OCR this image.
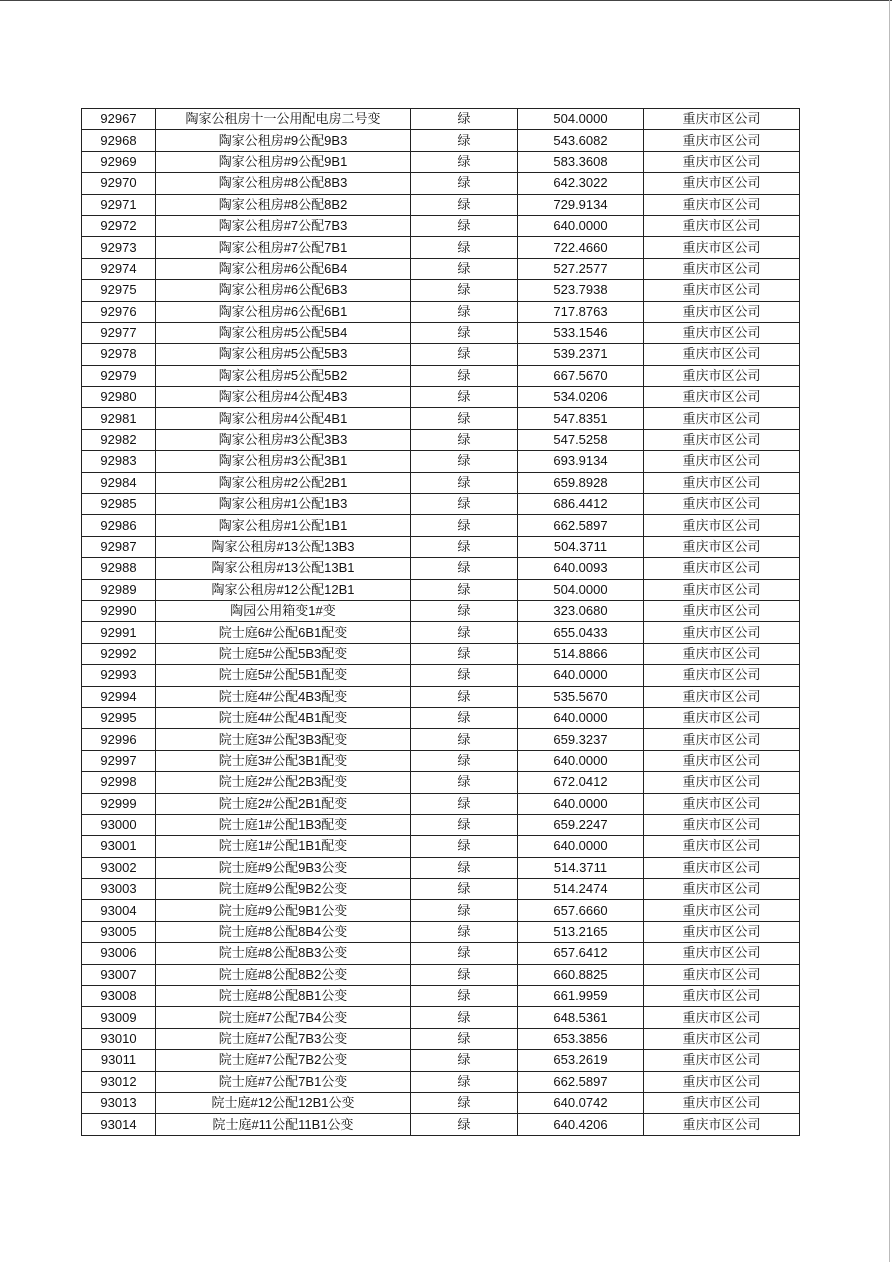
92967	陶家公租房十一公用配电房二号变	绿	504.0000	重庆市区公司
92968	陶家公租房#9公配9B3	绿	543.6082	重庆市区公司
92969	陶家公租房#9公配9B1	绿	583.3608	重庆市区公司
92970	陶家公租房#8公配8B3	绿	642.3022	重庆市区公司
92971	陶家公租房#8公配8B2	绿	729.9134	重庆市区公司
92972	陶家公租房#7公配7B3	绿	640.0000	重庆市区公司
92973	陶家公租房#7公配7B1	绿	722.4660	重庆市区公司
92974	陶家公租房#6公配6B4	绿	527.2577	重庆市区公司
92975	陶家公租房#6公配6B3	绿	523.7938	重庆市区公司
92976	陶家公租房#6公配6B1	绿	717.8763	重庆市区公司
92977	陶家公租房#5公配5B4	绿	533.1546	重庆市区公司
92978	陶家公租房#5公配5B3	绿	539.2371	重庆市区公司
92979	陶家公租房#5公配5B2	绿	667.5670	重庆市区公司
92980	陶家公租房#4公配4B3	绿	534.0206	重庆市区公司
92981	陶家公租房#4公配4B1	绿	547.8351	重庆市区公司
92982	陶家公租房#3公配3B3	绿	547.5258	重庆市区公司
92983	陶家公租房#3公配3B1	绿	693.9134	重庆市区公司
92984	陶家公租房#2公配2B1	绿	659.8928	重庆市区公司
92985	陶家公租房#1公配1B3	绿	686.4412	重庆市区公司
92986	陶家公租房#1公配1B1	绿	662.5897	重庆市区公司
92987	陶家公租房#13公配13B3	绿	504.3711	重庆市区公司
92988	陶家公租房#13公配13B1	绿	640.0093	重庆市区公司
92989	陶家公租房#12公配12B1	绿	504.0000	重庆市区公司
92990	陶园公用箱变1#变	绿	323.0680	重庆市区公司
92991	院士庭6#公配6B1配变	绿	655.0433	重庆市区公司
92992	院士庭5#公配5B3配变	绿	514.8866	重庆市区公司
92993	院士庭5#公配5B1配变	绿	640.0000	重庆市区公司
92994	院士庭4#公配4B3配变	绿	535.5670	重庆市区公司
92995	院士庭4#公配4B1配变	绿	640.0000	重庆市区公司
92996	院士庭3#公配3B3配变	绿	659.3237	重庆市区公司
92997	院士庭3#公配3B1配变	绿	640.0000	重庆市区公司
92998	院士庭2#公配2B3配变	绿	672.0412	重庆市区公司
92999	院士庭2#公配2B1配变	绿	640.0000	重庆市区公司
93000	院士庭1#公配1B3配变	绿	659.2247	重庆市区公司
93001	院士庭1#公配1B1配变	绿	640.0000	重庆市区公司
93002	院士庭#9公配9B3公变	绿	514.3711	重庆市区公司
93003	院士庭#9公配9B2公变	绿	514.2474	重庆市区公司
93004	院士庭#9公配9B1公变	绿	657.6660	重庆市区公司
93005	院士庭#8公配8B4公变	绿	513.2165	重庆市区公司
93006	院士庭#8公配8B3公变	绿	657.6412	重庆市区公司
93007	院士庭#8公配8B2公变	绿	660.8825	重庆市区公司
93008	院士庭#8公配8B1公变	绿	661.9959	重庆市区公司
93009	院士庭#7公配7B4公变	绿	648.5361	重庆市区公司
93010	院士庭#7公配7B3公变	绿	653.3856	重庆市区公司
93011	院士庭#7公配7B2公变	绿	653.2619	重庆市区公司
93012	院士庭#7公配7B1公变	绿	662.5897	重庆市区公司
93013	院士庭#12公配12B1公变	绿	640.0742	重庆市区公司
93014	院士庭#11公配11B1公变	绿	640.4206	重庆市区公司
